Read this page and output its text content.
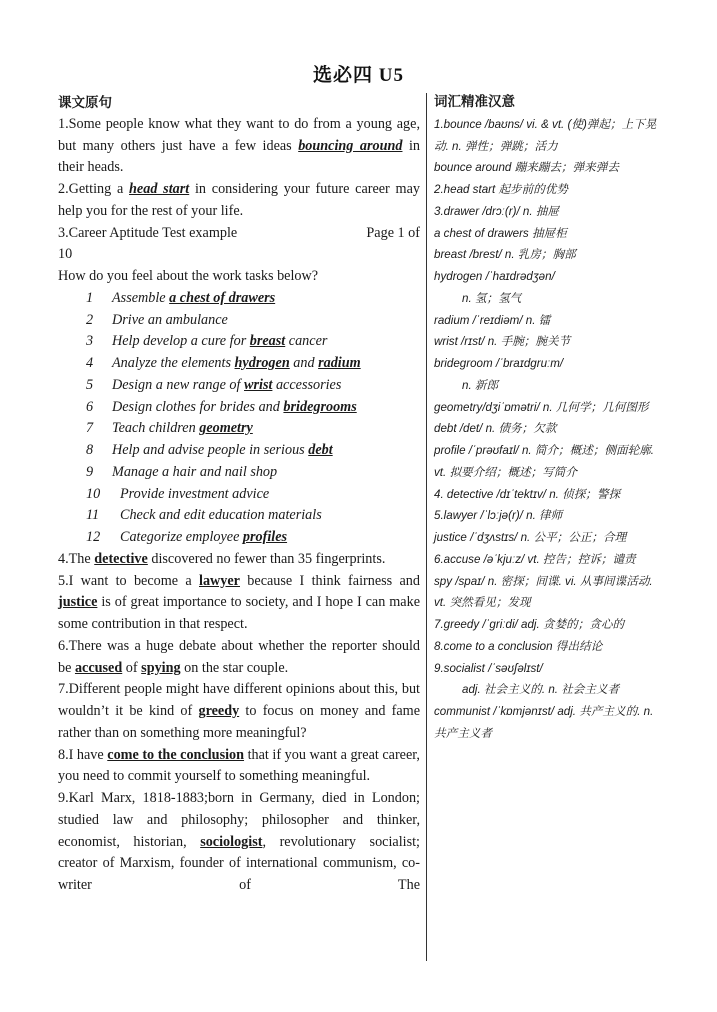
选必四 U5
课文原句

1.Some people know what they want to do from a young age, but many others just have a few ideas bouncing around in their heads.

2.Getting a head start in considering your future career may help you for the rest of your life.

3.Career Aptitude Test example	Page 1 of

10

How do you feel about the work tasks below?

1 Assemble a chest of drawers
2 Drive an ambulance
3 Help develop a cure for breast cancer
4 Analyze the elements hydrogen and radium
5 Design a new range of wrist accessories
6 Design clothes for brides and bridegrooms
7 Teach children geometry
8 Help and advise people in serious debt
9 Manage a hair and nail shop
10 Provide investment advice
11 Check and edit education materials
12 Categorize employee profiles

4.The detective discovered no fewer than 35 fingerprints.

5.I want to become a lawyer because I think fairness and justice is of great importance to society, and I hope I can make some contribution in that respect.

6.There was a huge debate about whether the reporter should be accused of spying on the star couple.

7.Different people might have different opinions about this, but wouldn’t it be kind of greedy to focus on money and fame rather than on something more meaningful?

8.I have come to the conclusion that if you want a great career, you need to commit yourself to something meaningful.

9.Karl Marx, 1818-1883;born in Germany, died in London; studied law and philosophy; philosopher and thinker, economist, historian, sociologist, revolutionary socialist; creator of Marxism, founder of international communism, co-writer of The

词汇精准汉意

1.bounce /baʊns/ vi. & vt. (使)弹起；上下晃动. n. 弹性；弹跳；活力

bounce around 蹦来蹦去；弹来弹去

2.head start 起步前的优势

3.drawer /drɔː(r)/ n. 抽屉

a chest of drawers 抽屉柜

breast /brest/ n. 乳房；胸部

hydrogen /ˈhaɪdrədʒən/

n. 氢；氢气

radium /ˈreɪdiəm/ n. 镭

wrist /rɪst/ n. 手腕；腕关节

bridegroom /ˈbraɪdɡruːm/

n. 新郎

geometry/dʒiˈɒmətri/ n. 几何学；几何图形

debt /det/ n. 债务；欠款

profile /ˈprəʊfaɪl/ n. 简介；概述；侧面轮廓. vt. 拟要介绍；概述；写简介

4. detective /dɪˈtektɪv/ n. 侦探；警探

5.lawyer /ˈlɔːjə(r)/ n. 律师

justice /ˈdʒʌstɪs/ n. 公平；公正；合理

6.accuse /əˈkjuːz/ vt. 控告；控诉；谴责

spy /spaɪ/ n. 密探；间谍. vi. 从事间谍活动. vt. 突然看见；发现

7.greedy /ˈɡriːdi/ adj. 贪婪的；贪心的

8.come to a conclusion 得出结论

9.socialist /ˈsəʊʃəlɪst/

adj. 社会主义的. n. 社会主义者

communist /ˈkɒmjənɪst/ adj. 共产主义的. n. 共产主义者
